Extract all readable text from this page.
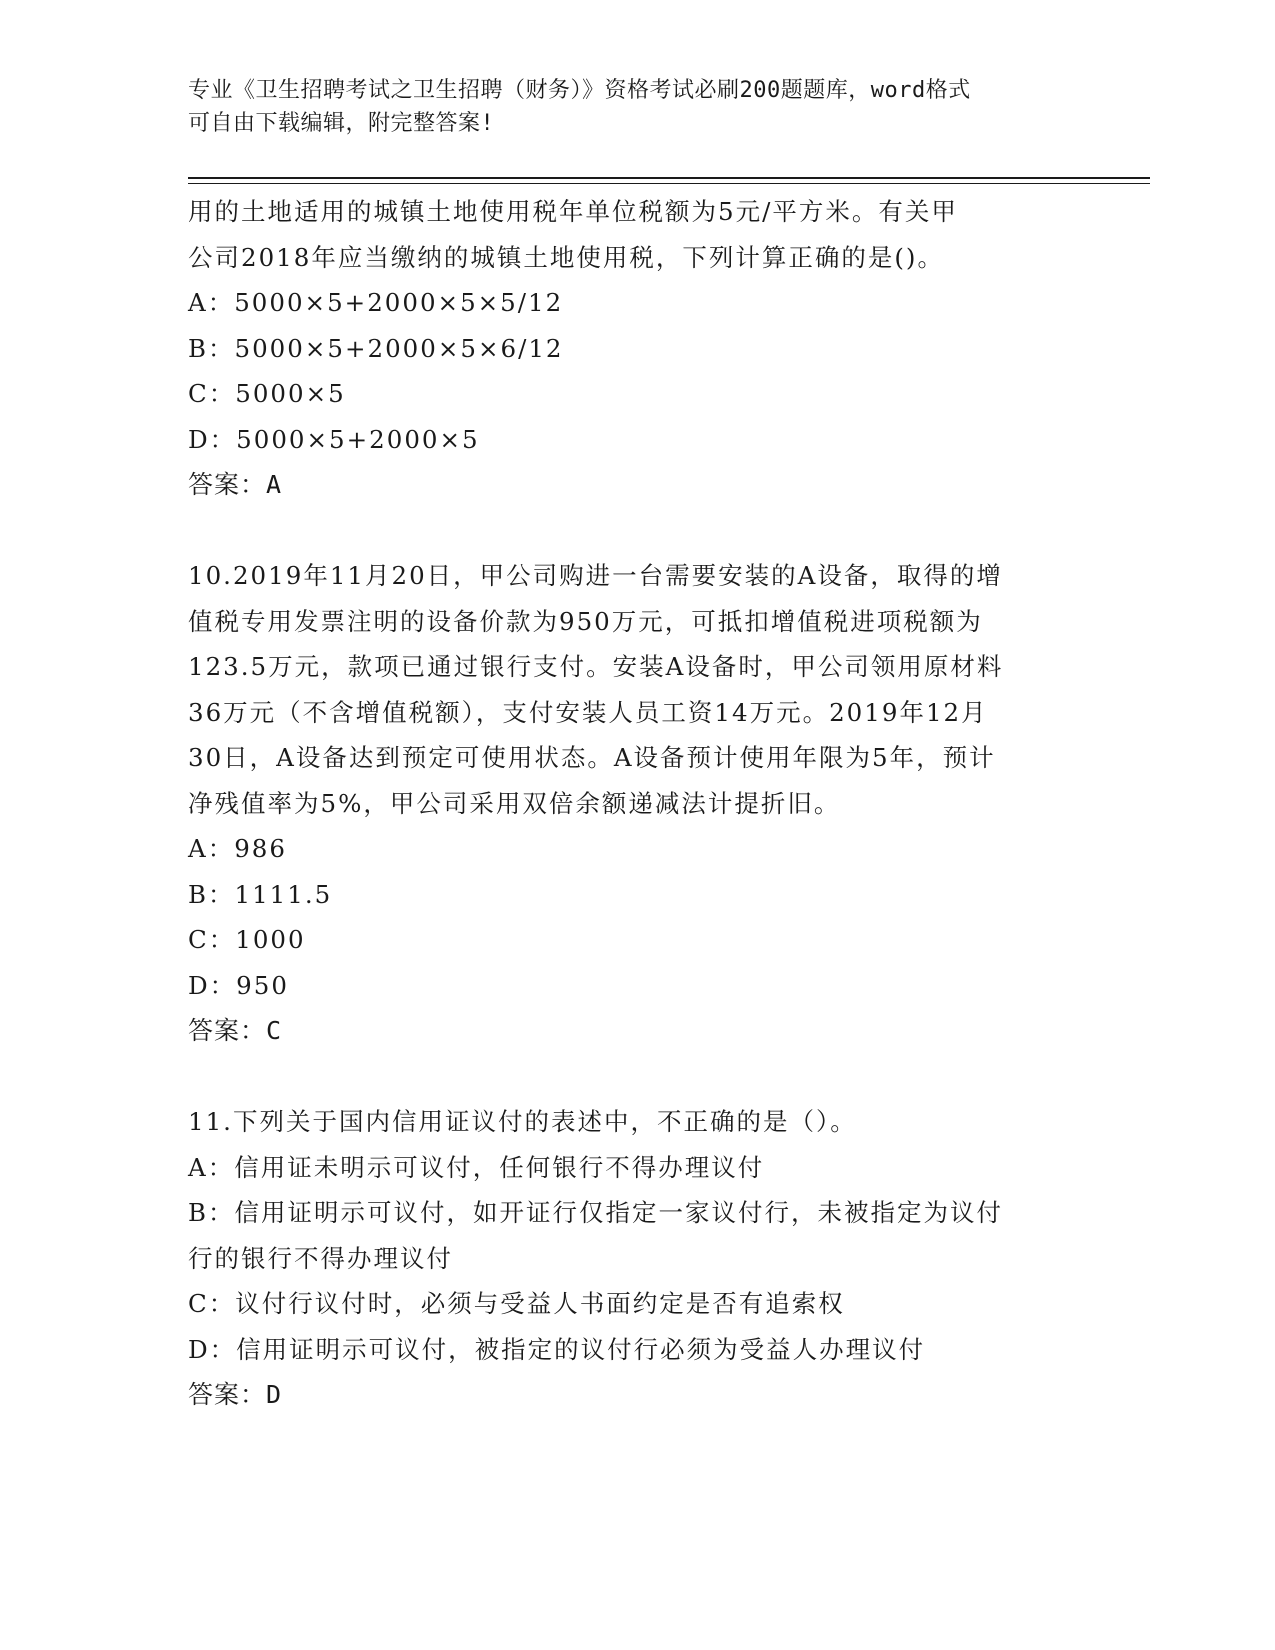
专业《卫生招聘考试之卫生招聘（财务）》资格考试必刷200题题库，word格式
可自由下载编辑，附完整答案!
用的土地适用的城镇土地使用税年单位税额为5元/平方米。有关甲
公司2018年应当缴纳的城镇土地使用税，下列计算正确的是()。
A：5000×5+2000×5×5/12
B：5000×5+2000×5×6/12
C：5000×5
D：5000×5+2000×5
答案：A
10.2019年11月20日，甲公司购进一台需要安装的A设备，取得的增
值税专用发票注明的设备价款为950万元，可抵扣增值税进项税额为
123.5万元，款项已通过银行支付。安装A设备时，甲公司领用原材料
36万元（不含增值税额），支付安装人员工资14万元。2019年12月
30日，A设备达到预定可使用状态。A设备预计使用年限为5年，预计
净残值率为5%，甲公司采用双倍余额递减法计提折旧。
A：986
B：1111.5
C：1000
D：950
答案：C
11.下列关于国内信用证议付的表述中，不正确的是（）。
A：信用证未明示可议付，任何银行不得办理议付
B：信用证明示可议付，如开证行仅指定一家议付行，未被指定为议付
行的银行不得办理议付
C：议付行议付时，必须与受益人书面约定是否有追索权
D：信用证明示可议付，被指定的议付行必须为受益人办理议付
答案：D
